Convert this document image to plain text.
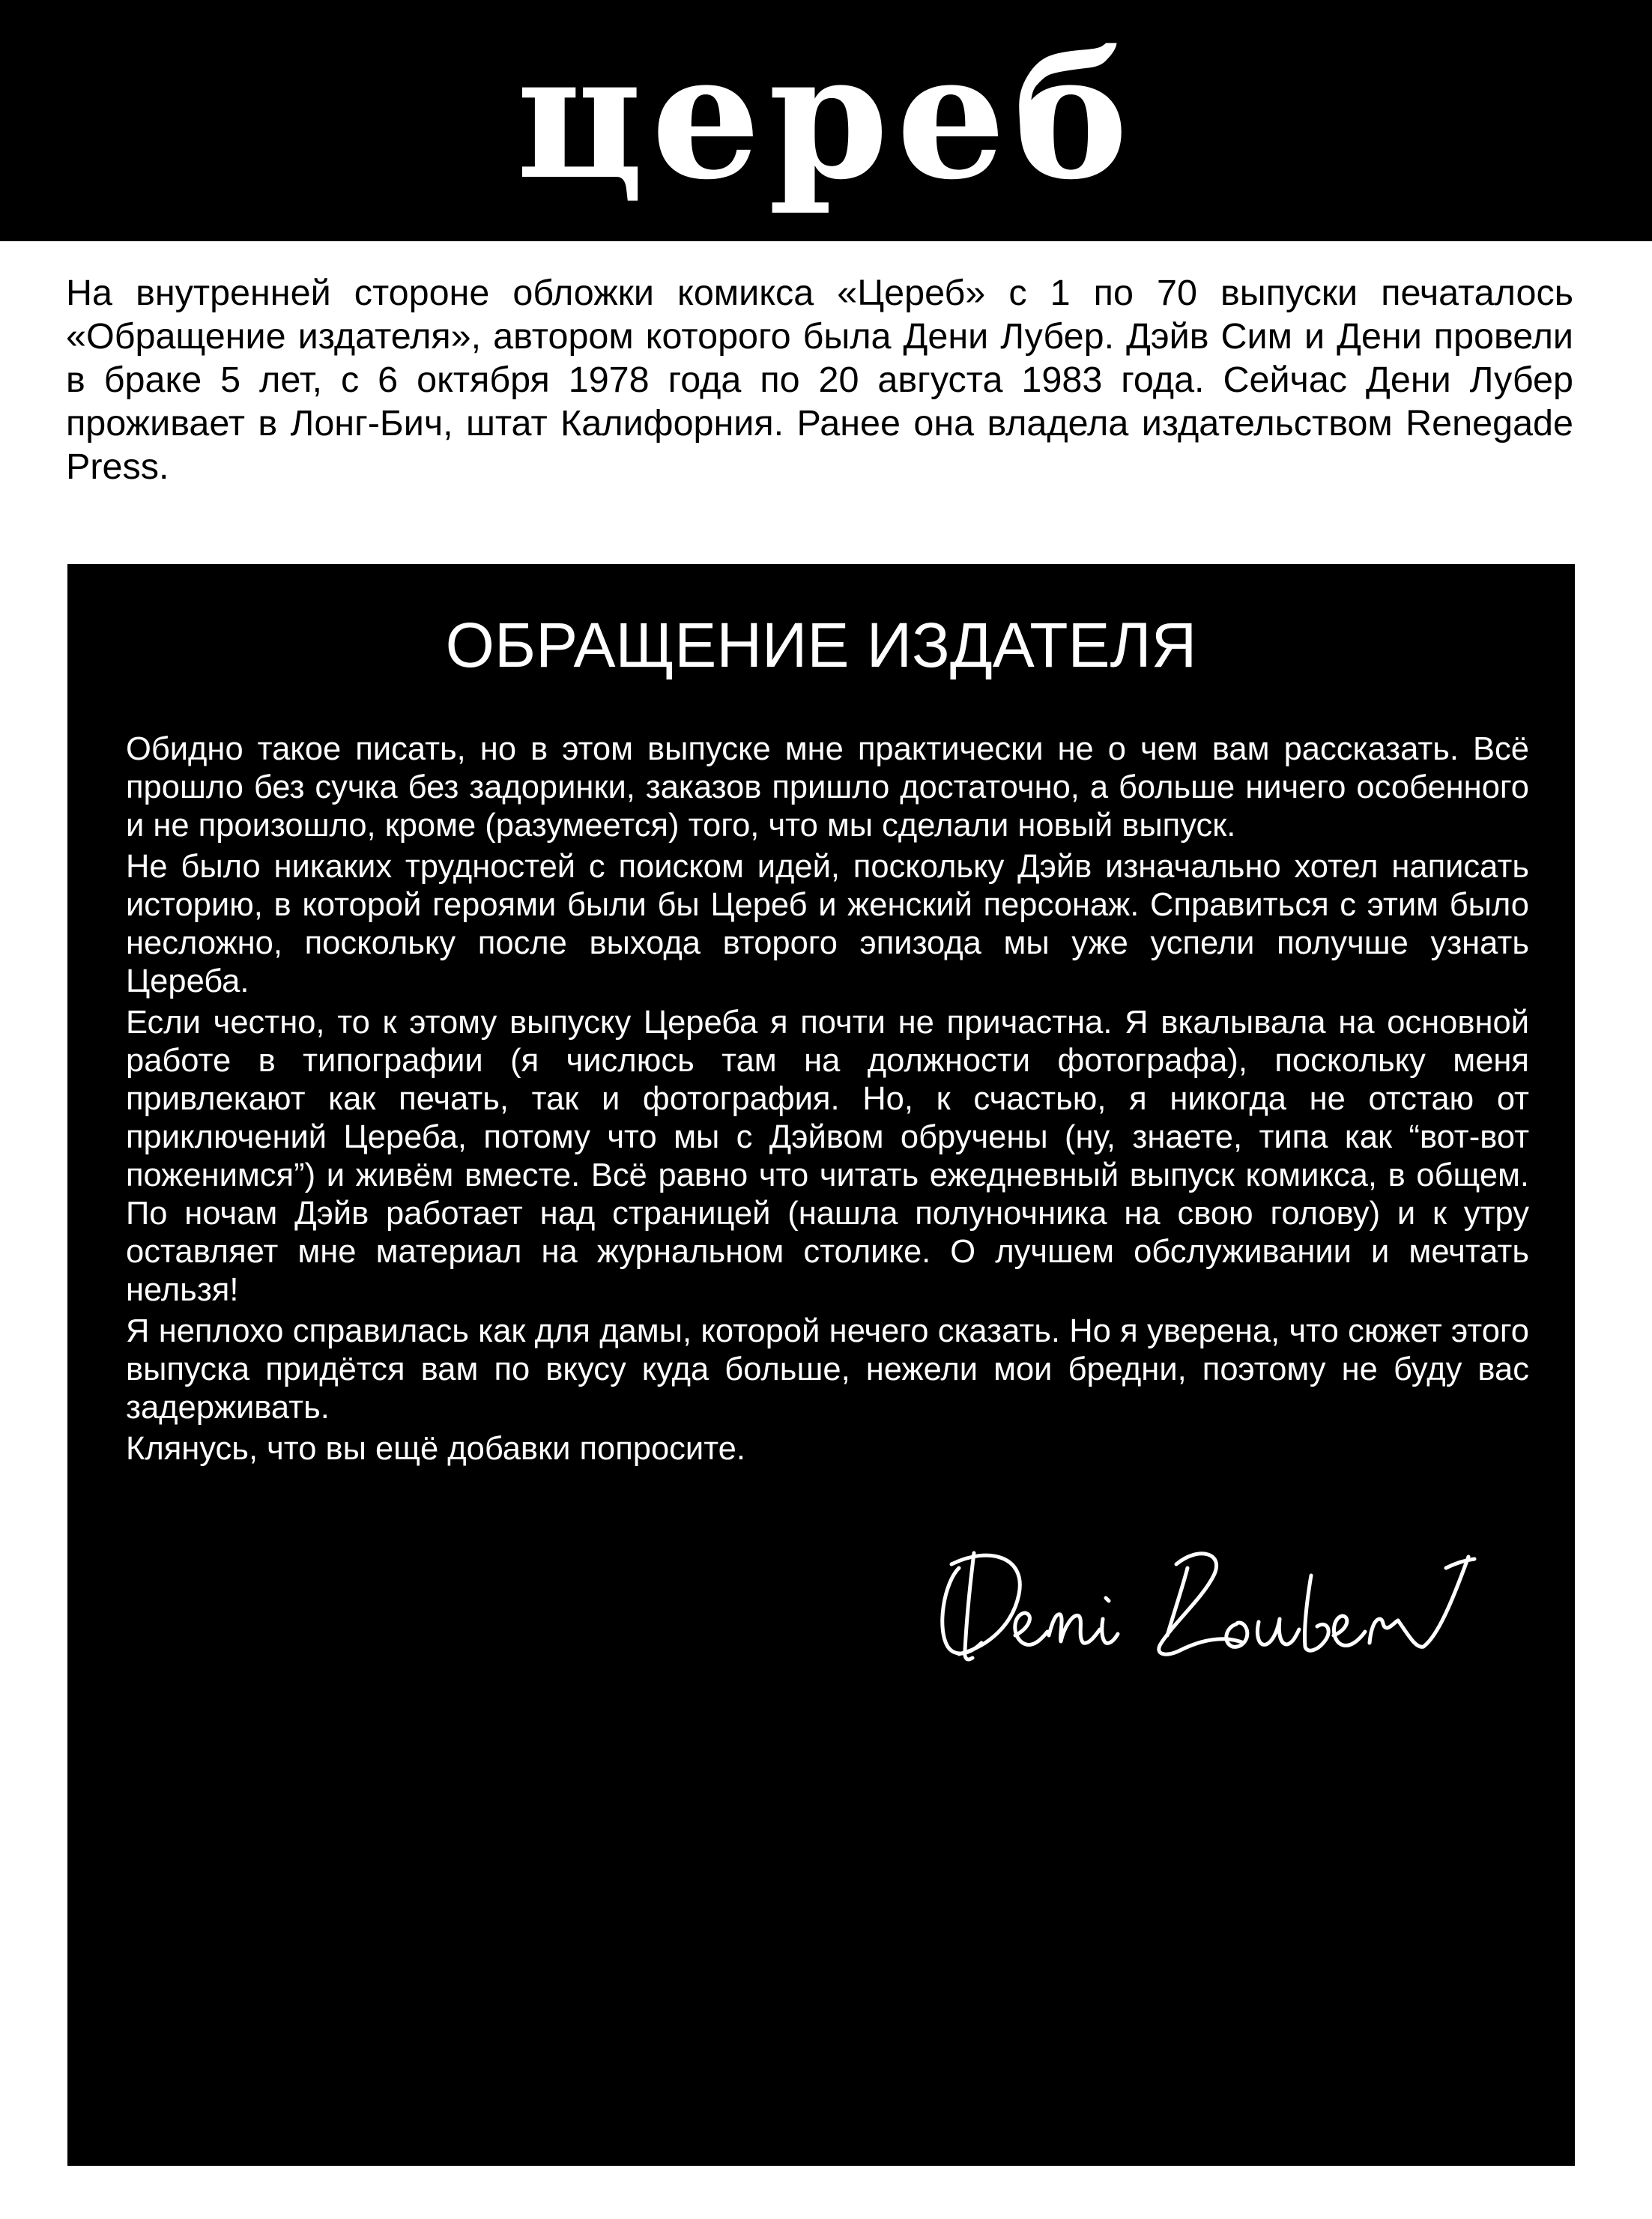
цереб

На внутренней стороне обложки комикса «Цереб» с 1 по 70 выпуски печаталось «Обращение издателя», автором которого была Дени Лубер. Дэйв Сим и Дени провели в браке 5 лет, с 6 октября 1978 года по 20 августа 1983 года. Сейчас Дени Лубер проживает в Лонг-Бич, штат Калифорния. Ранее она владела издательством Renegade Press.

ОБРАЩЕНИЕ ИЗДАТЕЛЯ

Обидно такое писать, но в этом выпуске мне практически не о чем вам рассказать. Всё прошло без сучка без задоринки, заказов пришло достаточно, а больше ничего особенного и не произошло, кроме (разумеется) того, что мы сделали новый выпуск.

Не было никаких трудностей с поиском идей, поскольку Дэйв изначально хотел написать историю, в которой героями были бы Цереб и женский персонаж. Справиться с этим было несложно, поскольку после выхода второго эпизода мы уже успели получше узнать Цереба.

Если честно, то к этому выпуску Цереба я почти не причастна. Я вкалывала на основной работе в типографии (я числюсь там на должности фотографа), поскольку меня привлекают как печать, так и фотография. Но, к счастью, я никогда не отстаю от приключений Цереба, потому что мы с Дэйвом обручены (ну, знаете, типа как “вот-вот поженимся”) и живём вместе. Всё равно что читать ежедневный выпуск комикса, в общем. По ночам Дэйв работает над страницей (нашла полуночника на свою голову) и к утру оставляет мне материал на журнальном столике. О лучшем обслуживании и мечтать нельзя!

Я неплохо справилась как для дамы, которой нечего сказать. Но я уверена, что сюжет этого выпуска придётся вам по вкусу куда больше, нежели мои бредни, поэтому не буду вас задерживать.

Клянусь, что вы ещё добавки попросите.
